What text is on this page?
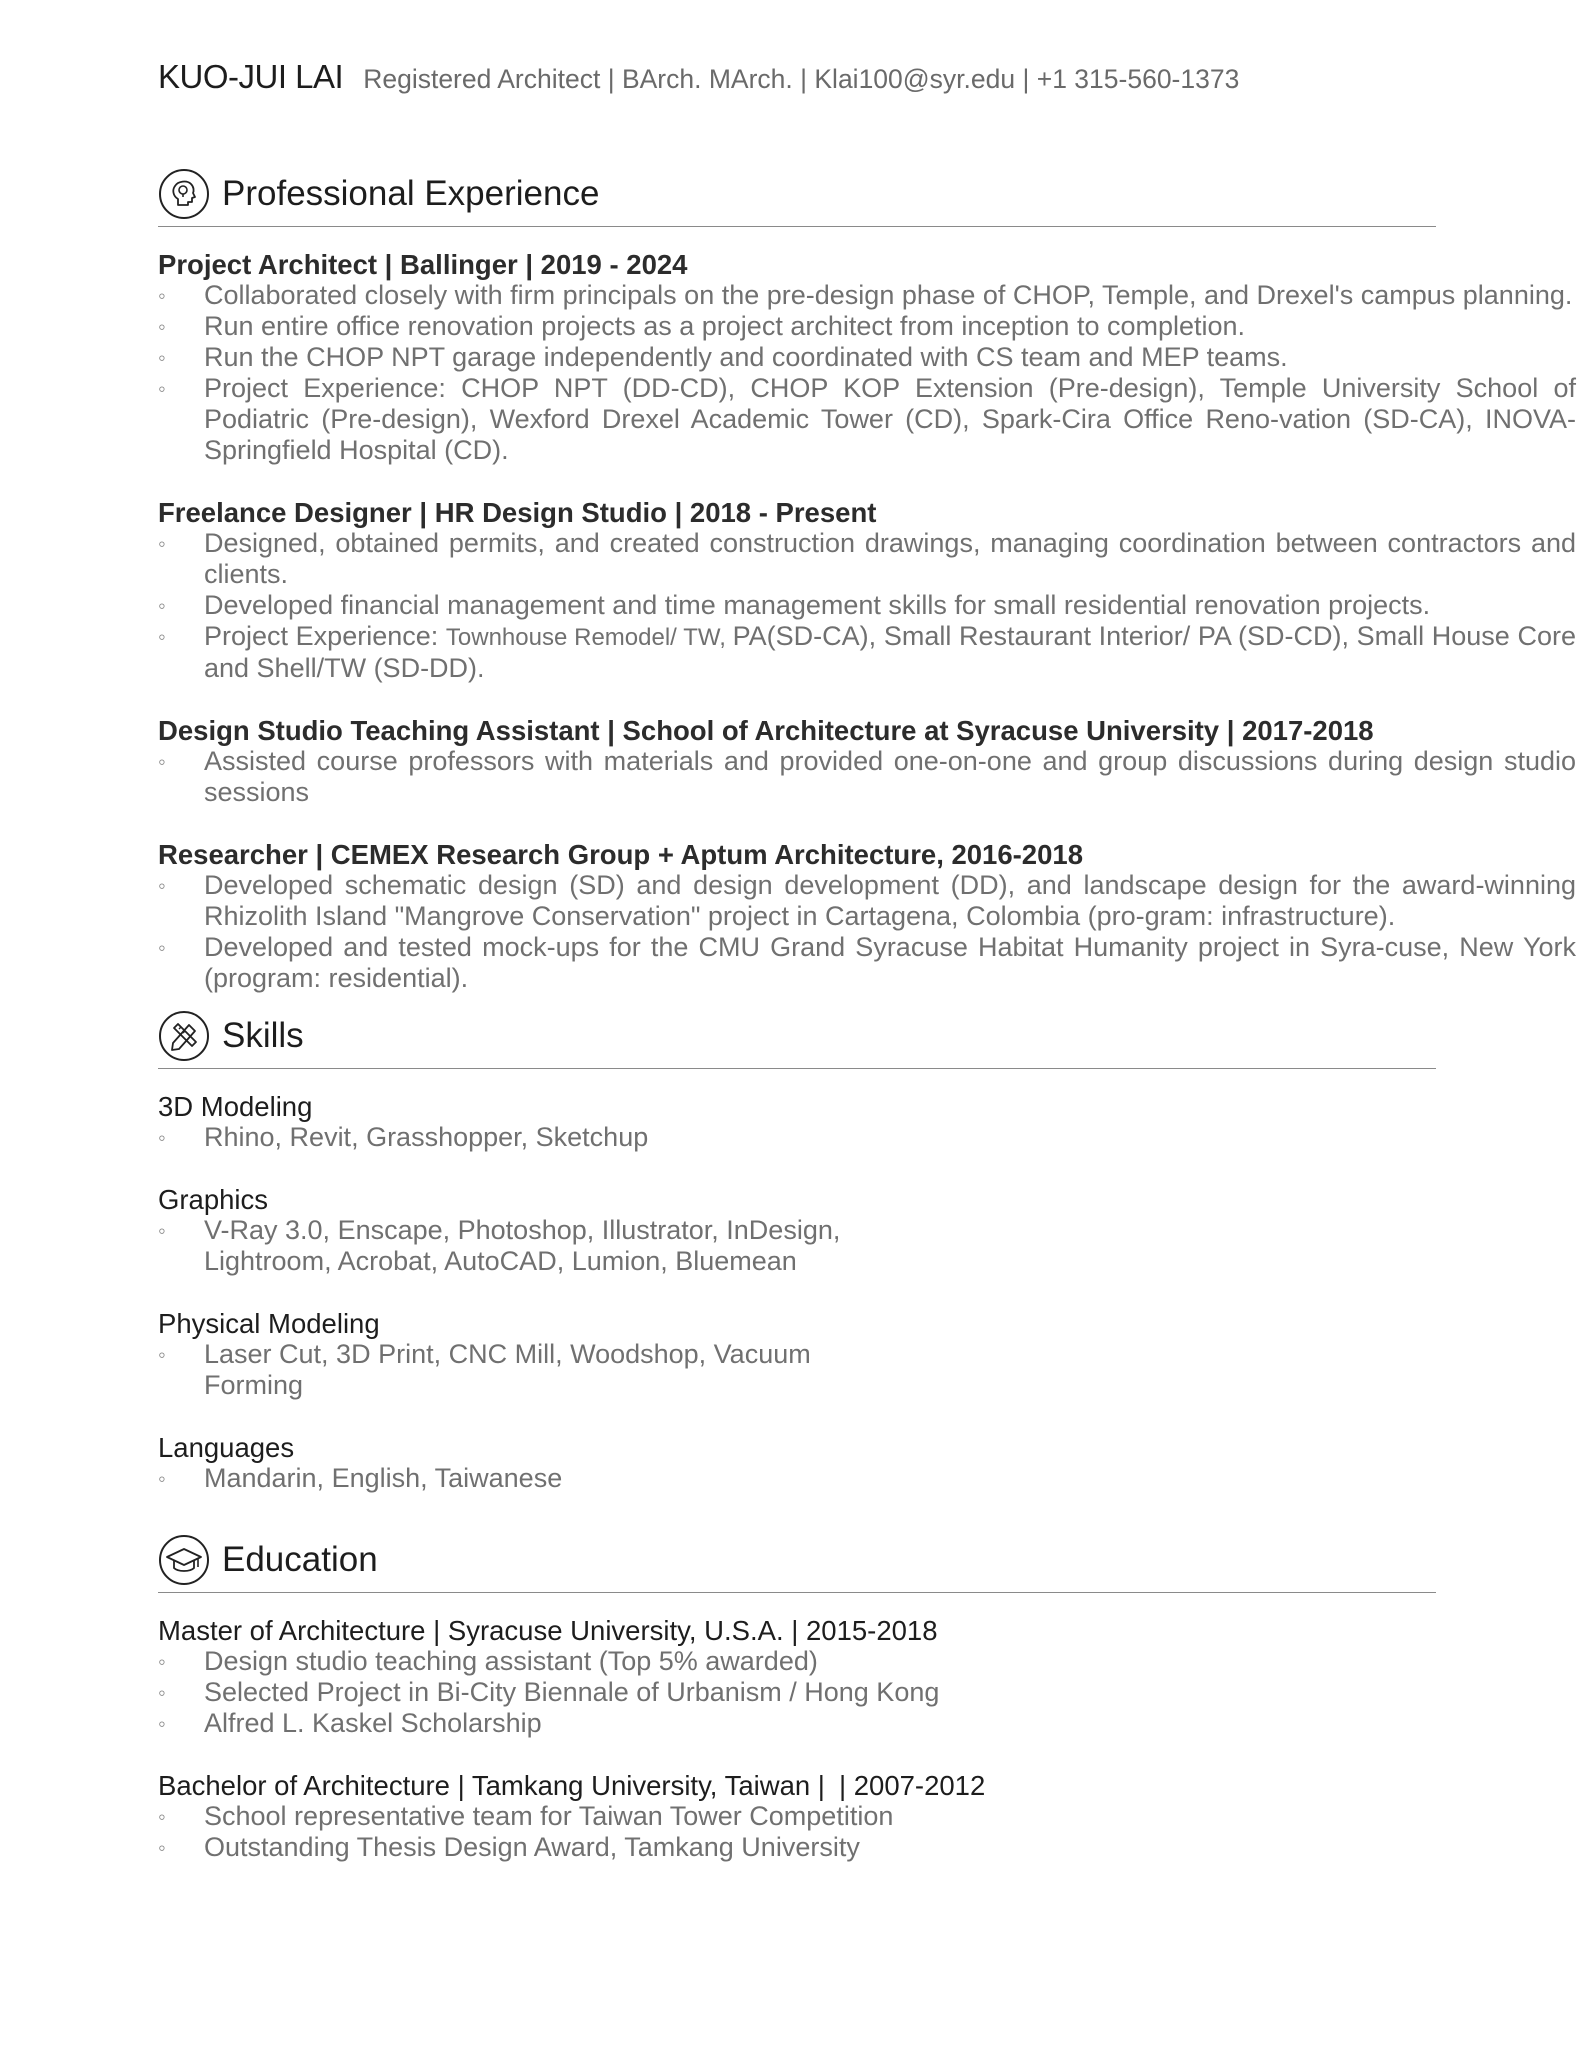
KUO-JUI LAI Registered Architect | BArch. MArch. | Klai100@syr.edu | +1 315-560-1373
Professional Experience
Project Architect | Ballinger | 2019 - 2024
◦ Collaborated closely with firm principals on the pre-design phase of CHOP, Temple, and Drexel's campus planning.
◦ Run entire office renovation projects as a project architect from inception to completion.
◦ Run the CHOP NPT garage independently and coordinated with CS team and MEP teams.
◦ Project Experience: CHOP NPT (DD-CD), CHOP KOP Extension (Pre-design), Temple University School of Podiatric (Pre-design), Wexford Drexel Academic Tower (CD), Spark-Cira Office Reno-vation (SD-CA), INOVA-Springfield Hospital (CD).
Freelance Designer | HR Design Studio | 2018 - Present
◦ Designed, obtained permits, and created construction drawings, managing coordination between contractors and clients.
◦ Developed financial management and time management skills for small residential renovation projects.
◦ Project Experience: Townhouse Remodel/ TW, PA(SD-CA), Small Restaurant Interior/ PA (SD-CD), Small House Core and Shell/TW (SD-DD).
Design Studio Teaching Assistant | School of Architecture at Syracuse University | 2017-2018
◦ Assisted course professors with materials and provided one-on-one and group discussions during design studio sessions
Researcher | CEMEX Research Group + Aptum Architecture, 2016-2018
◦ Developed schematic design (SD) and design development (DD), and landscape design for the award-winning Rhizolith Island "Mangrove Conservation" project in Cartagena, Colombia (pro-gram: infrastructure).
◦ Developed and tested mock-ups for the CMU Grand Syracuse Habitat Humanity project in Syra-cuse, New York (program: residential).
Skills
3D Modeling
◦ Rhino, Revit, Grasshopper, Sketchup
Graphics
◦ V-Ray 3.0, Enscape, Photoshop, Illustrator, InDesign,
Lightroom, Acrobat, AutoCAD, Lumion, Bluemean
Physical Modeling
◦ Laser Cut, 3D Print, CNC Mill, Woodshop, Vacuum
Forming
Languages
◦ Mandarin, English, Taiwanese
Education
Master of Architecture | Syracuse University, U.S.A. | 2015-2018
◦ Design studio teaching assistant (Top 5% awarded)
◦ Selected Project in Bi-City Biennale of Urbanism / Hong Kong
◦ Alfred L. Kaskel Scholarship
Bachelor of Architecture | Tamkang University, Taiwan | | 2007-2012
◦ School representative team for Taiwan Tower Competition
◦ Outstanding Thesis Design Award, Tamkang University
